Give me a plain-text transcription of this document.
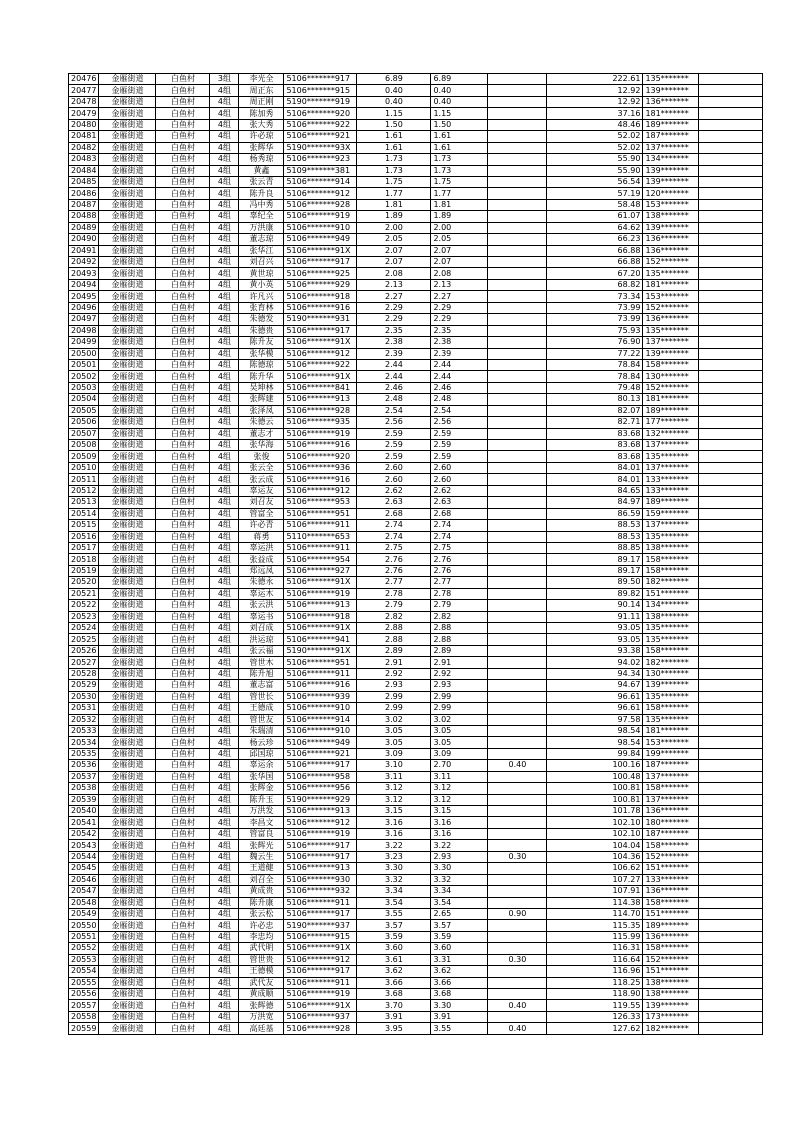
20476	金雁街道	白鱼村	3组	李光全	5106*******917	6.89	6.89		222.61	135*******	
20477	金雁街道	白鱼村	4组	周正东	5106*******915	0.40	0.40		12.92	139*******	
20478	金雁街道	白鱼村	4组	周正刚	5190*******919	0.40	0.40		12.92	136*******	
20479	金雁街道	白鱼村	4组	陈加秀	5106*******920	1.15	1.15		37.16	181*******	
20480	金雁街道	白鱼村	4组	张大秀	5106*******922	1.50	1.50		48.46	189*******	
20481	金雁街道	白鱼村	4组	许必琼	5106*******921	1.61	1.61		52.02	187*******	
20482	金雁街道	白鱼村	4组	张辉华	5190*******93X	1.61	1.61		52.02	137*******	
20483	金雁街道	白鱼村	4组	杨秀琼	5106*******923	1.73	1.73		55.90	134*******	
20484	金雁街道	白鱼村	4组	黄鑫	5109*******381	1.73	1.73		55.90	139*******	
20485	金雁街道	白鱼村	4组	张云青	5106*******914	1.75	1.75		56.54	139*******	
20486	金雁街道	白鱼村	4组	陈升良	5106*******912	1.77	1.77		57.19	120*******	
20487	金雁街道	白鱼村	4组	冯中秀	5106*******928	1.81	1.81		58.48	153*******	
20488	金雁街道	白鱼村	4组	辜纪全	5106*******919	1.89	1.89		61.07	138*******	
20489	金雁街道	白鱼村	4组	万洪康	5106*******910	2.00	2.00		64.62	139*******	
20490	金雁街道	白鱼村	4组	董志琼	5106*******949	2.05	2.05		66.23	136*******	
20491	金雁街道	白鱼村	4组	张华江	5106*******91X	2.07	2.07		66.88	136*******	
20492	金雁街道	白鱼村	4组	刘召兴	5106*******917	2.07	2.07		66.88	152*******	
20493	金雁街道	白鱼村	4组	黄世琼	5106*******925	2.08	2.08		67.20	135*******	
20494	金雁街道	白鱼村	4组	黄小英	5106*******929	2.13	2.13		68.82	181*******	
20495	金雁街道	白鱼村	4组	许凡兴	5106*******918	2.27	2.27		73.34	153*******	
20496	金雁街道	白鱼村	4组	张育林	5106*******916	2.29	2.29		73.99	152*******	
20497	金雁街道	白鱼村	4组	朱德发	5190*******931	2.29	2.29		73.99	136*******	
20498	金雁街道	白鱼村	4组	朱德贵	5106*******917	2.35	2.35		75.93	135*******	
20499	金雁街道	白鱼村	4组	陈升友	5106*******91X	2.38	2.38		76.90	137*******	
20500	金雁街道	白鱼村	4组	张华模	5106*******912	2.39	2.39		77.22	139*******	
20501	金雁街道	白鱼村	4组	陈德琼	5106*******922	2.44	2.44		78.84	158*******	
20502	金雁街道	白鱼村	4组	陈升华	5106*******91X	2.44	2.44		78.84	130*******	
20503	金雁街道	白鱼村	4组	吴坤林	5106*******841	2.46	2.46		79.48	152*******	
20504	金雁街道	白鱼村	4组	张辉建	5106*******913	2.48	2.48		80.13	181*******	
20505	金雁街道	白鱼村	4组	张泽凤	5106*******928	2.54	2.54		82.07	189*******	
20506	金雁街道	白鱼村	4组	朱德云	5106*******935	2.56	2.56		82.71	177*******	
20507	金雁街道	白鱼村	4组	董志才	5106*******919	2.59	2.59		83.68	132*******	
20508	金雁街道	白鱼村	4组	张华海	5106*******916	2.59	2.59		83.68	137*******	
20509	金雁街道	白鱼村	4组	张俊	5106*******920	2.59	2.59		83.68	135*******	
20510	金雁街道	白鱼村	4组	张云全	5106*******936	2.60	2.60		84.01	137*******	
20511	金雁街道	白鱼村	4组	张云成	5106*******916	2.60	2.60		84.01	133*******	
20512	金雁街道	白鱼村	4组	辜运友	5106*******912	2.62	2.62		84.65	133*******	
20513	金雁街道	白鱼村	4组	刘召友	5106*******953	2.63	2.63		84.97	189*******	
20514	金雁街道	白鱼村	4组	管富全	5106*******951	2.68	2.68		86.59	159*******	
20515	金雁街道	白鱼村	4组	许必青	5106*******911	2.74	2.74		88.53	137*******	
20516	金雁街道	白鱼村	4组	蒋勇	5110*******653	2.74	2.74		88.53	135*******	
20517	金雁街道	白鱼村	4组	辜运洪	5106*******911	2.75	2.75		88.85	138*******	
20518	金雁街道	白鱼村	4组	张益成	5106*******954	2.76	2.76		89.17	158*******	
20519	金雁街道	白鱼村	4组	郑远凤	5106*******927	2.76	2.76		89.17	158*******	
20520	金雁街道	白鱼村	4组	朱德永	5106*******91X	2.77	2.77		89.50	182*******	
20521	金雁街道	白鱼村	4组	辜运木	5106*******919	2.78	2.78		89.82	151*******	
20522	金雁街道	白鱼村	4组	张云洪	5106*******913	2.79	2.79		90.14	134*******	
20523	金雁街道	白鱼村	4组	辜运书	5106*******918	2.82	2.82		91.11	138*******	
20524	金雁街道	白鱼村	4组	刘召成	5106*******91X	2.88	2.88		93.05	135*******	
20525	金雁街道	白鱼村	4组	洪运琼	5106*******941	2.88	2.88		93.05	135*******	
20526	金雁街道	白鱼村	4组	张云福	5190*******91X	2.89	2.89		93.38	158*******	
20527	金雁街道	白鱼村	4组	管世木	5106*******951	2.91	2.91		94.02	182*******	
20528	金雁街道	白鱼村	4组	陈升旭	5106*******911	2.92	2.92		94.34	130*******	
20529	金雁街道	白鱼村	4组	董志富	5106*******916	2.93	2.93		94.67	139*******	
20530	金雁街道	白鱼村	4组	管世长	5106*******939	2.99	2.99		96.61	135*******	
20531	金雁街道	白鱼村	4组	王德成	5106*******910	2.99	2.99		96.61	158*******	
20532	金雁街道	白鱼村	4组	管世友	5106*******914	3.02	3.02		97.58	135*******	
20533	金雁街道	白鱼村	4组	朱瑞清	5106*******910	3.05	3.05		98.54	181*******	
20534	金雁街道	白鱼村	4组	杨云珍	5106*******949	3.05	3.05		98.54	153*******	
20535	金雁街道	白鱼村	4组	邱国琼	5106*******921	3.09	3.09		99.84	199*******	
20536	金雁街道	白鱼村	4组	辜运余	5106*******917	3.10	2.70	0.40	100.16	187*******	
20537	金雁街道	白鱼村	4组	张华国	5106*******958	3.11	3.11		100.48	137*******	
20538	金雁街道	白鱼村	4组	张辉金	5106*******956	3.12	3.12		100.81	158*******	
20539	金雁街道	白鱼村	4组	陈升玉	5190*******929	3.12	3.12		100.81	137*******	
20540	金雁街道	白鱼村	4组	万洪发	5106*******913	3.15	3.15		101.78	136*******	
20541	金雁街道	白鱼村	4组	李昌文	5106*******912	3.16	3.16		102.10	180*******	
20542	金雁街道	白鱼村	4组	管富良	5106*******919	3.16	3.16		102.10	187*******	
20543	金雁街道	白鱼村	4组	张辉光	5106*******917	3.22	3.22		104.04	158*******	
20544	金雁街道	白鱼村	4组	魏云生	5106*******917	3.23	2.93	0.30	104.36	152*******	
20545	金雁街道	白鱼村	4组	王道健	5106*******913	3.30	3.30		106.62	151*******	
20546	金雁街道	白鱼村	4组	刘召全	5106*******930	3.32	3.32		107.27	133*******	
20547	金雁街道	白鱼村	4组	黄成贵	5106*******932	3.34	3.34		107.91	136*******	
20548	金雁街道	白鱼村	4组	陈升康	5106*******911	3.54	3.54		114.38	158*******	
20549	金雁街道	白鱼村	4组	张云松	5106*******917	3.55	2.65	0.90	114.70	151*******	
20550	金雁街道	白鱼村	4组	许必忠	5190*******937	3.57	3.57		115.35	189*******	
20551	金雁街道	白鱼村	4组	李忠均	5106*******915	3.59	3.59		115.99	136*******	
20552	金雁街道	白鱼村	4组	武代明	5106*******91X	3.60	3.60		116.31	158*******	
20553	金雁街道	白鱼村	4组	管世贵	5106*******912	3.61	3.31	0.30	116.64	152*******	
20554	金雁街道	白鱼村	4组	王德模	5106*******917	3.62	3.62		116.96	151*******	
20555	金雁街道	白鱼村	4组	武代友	5106*******911	3.66	3.66		118.25	138*******	
20556	金雁街道	白鱼村	4组	黄成顺	5106*******919	3.68	3.68		118.90	138*******	
20557	金雁街道	白鱼村	4组	张辉德	5106*******91X	3.70	3.30	0.40	119.55	139*******	
20558	金雁街道	白鱼村	4组	万洪宽	5106*******937	3.91	3.91		126.33	173*******	
20559	金雁街道	白鱼村	4组	高廷基	5106*******928	3.95	3.55	0.40	127.62	182*******	
